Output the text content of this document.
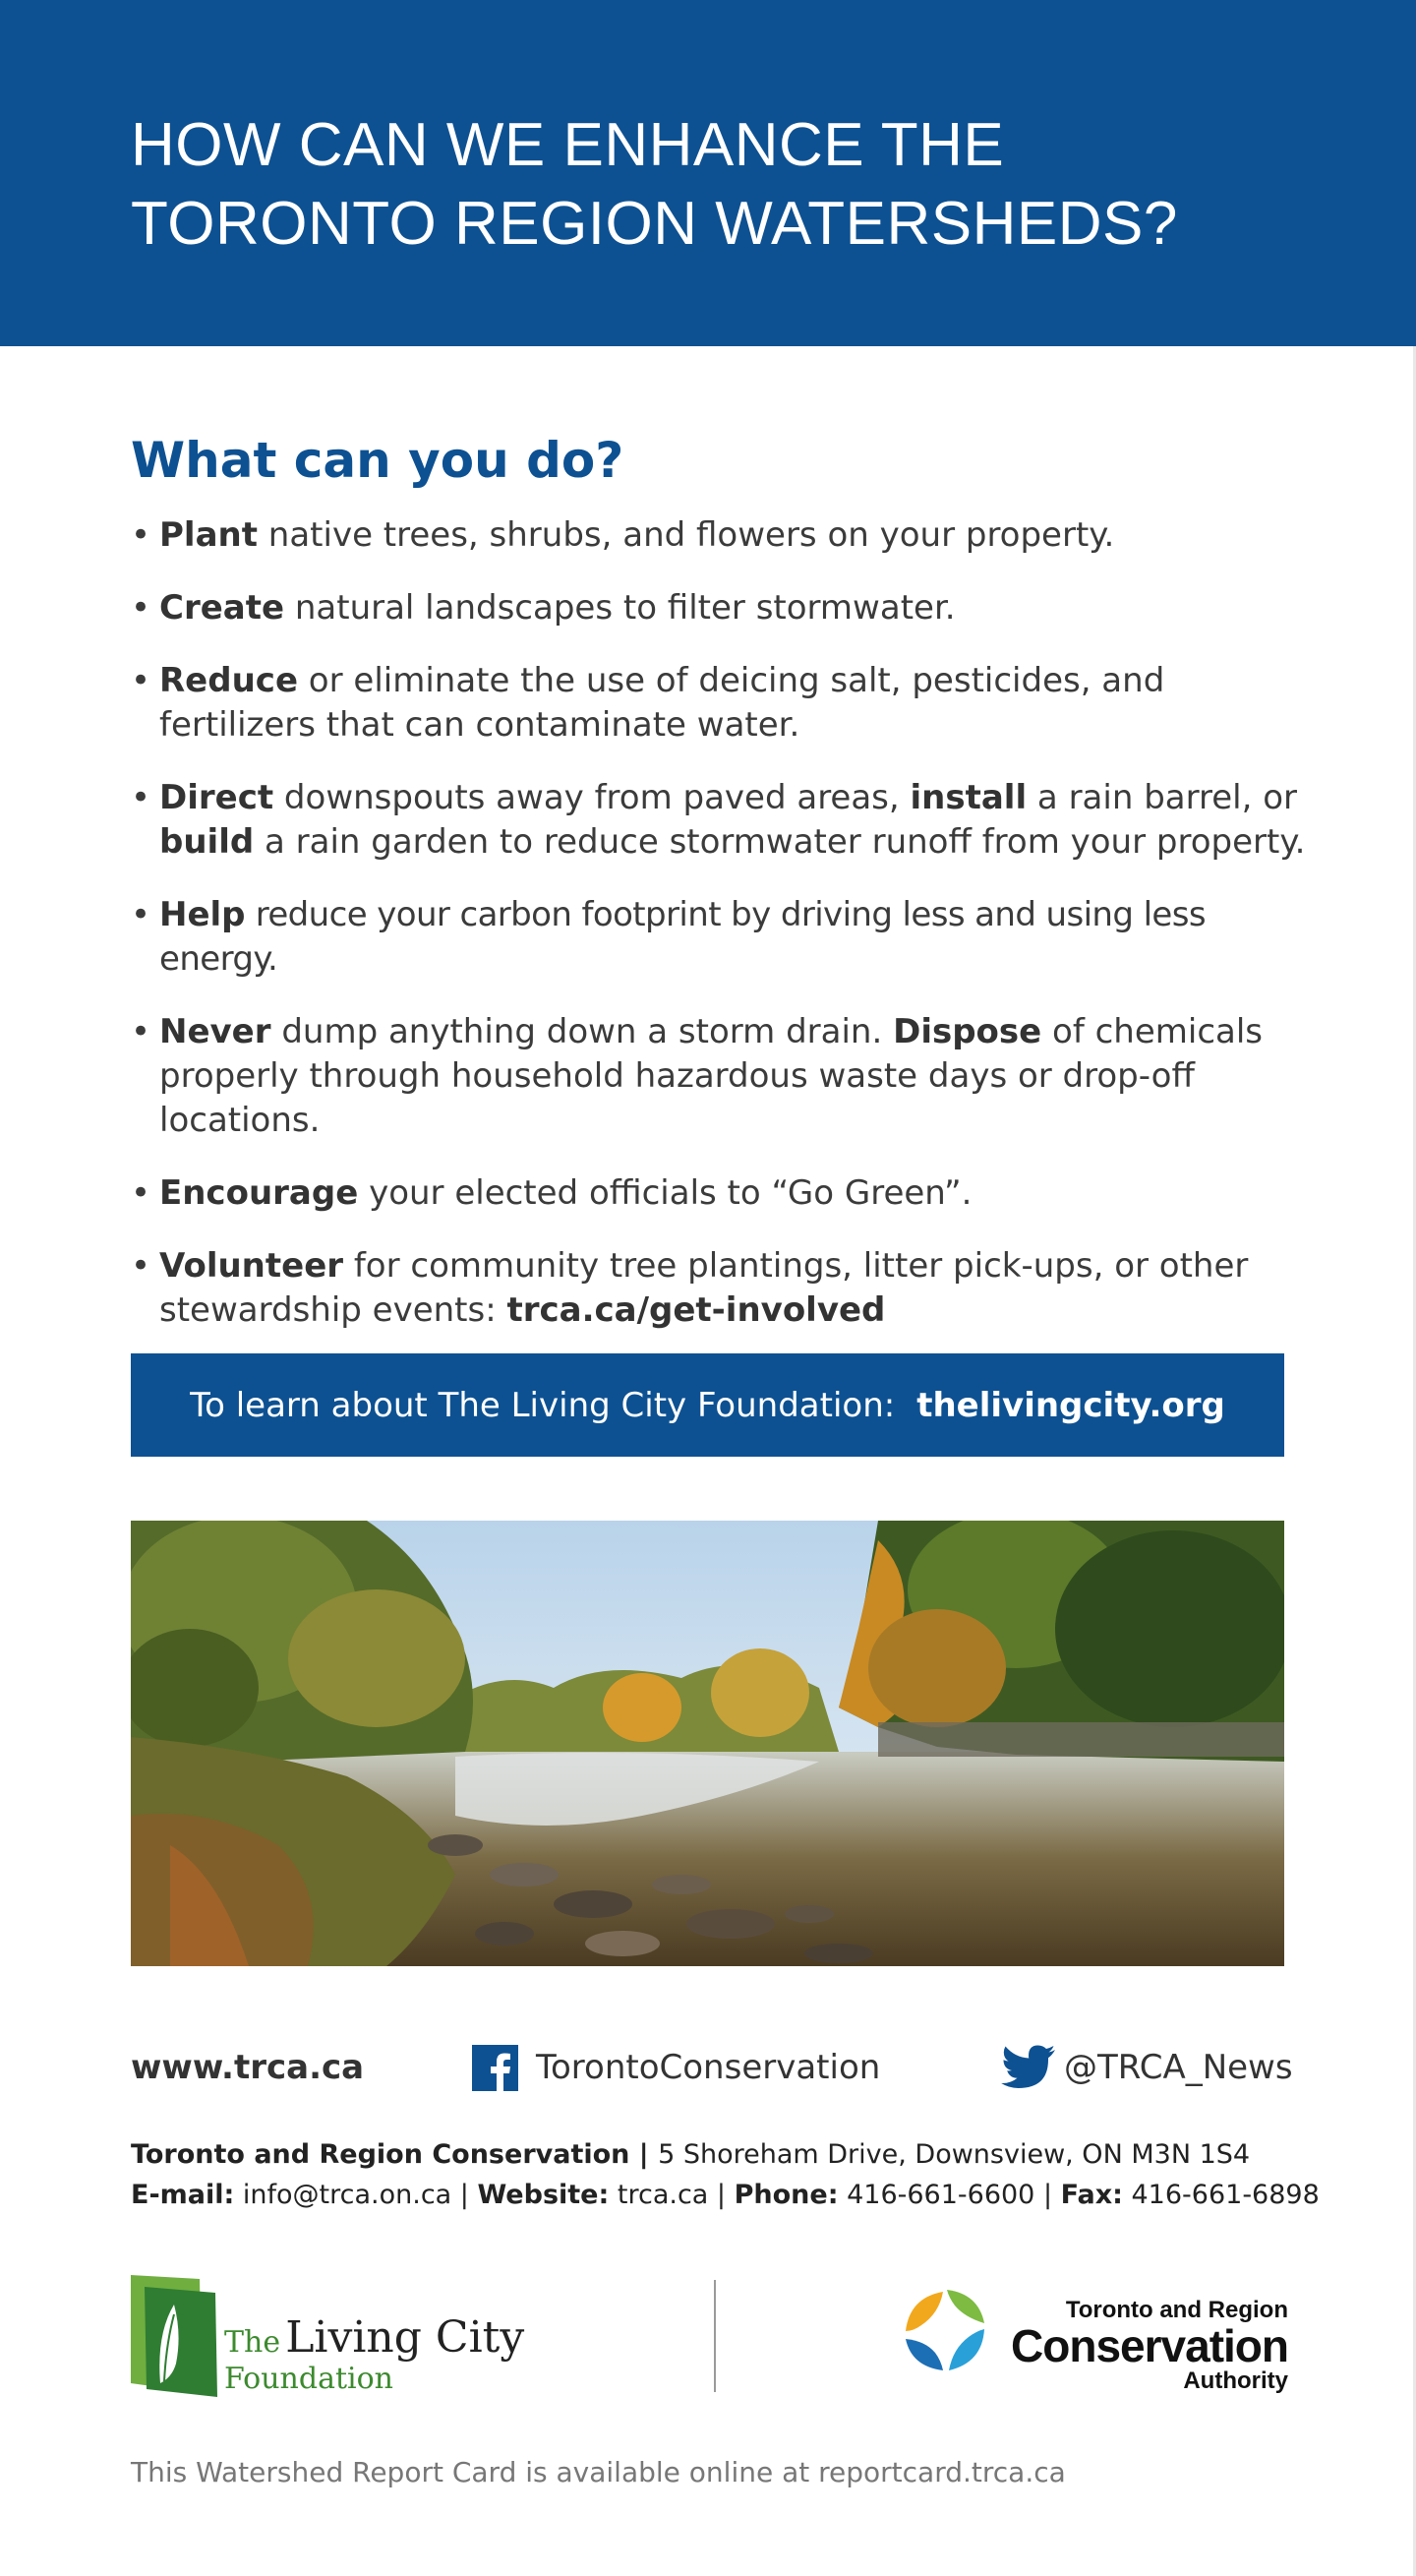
HOW CAN WE ENHANCE THE
TORONTO REGION WATERSHEDS?
What can you do?
• Plant native trees, shrubs, and flowers on your property.
• Create natural landscapes to filter stormwater.
• Reduce or eliminate the use of deicing salt, pesticides, and fertilizers that can contaminate water.
• Direct downspouts away from paved areas, install a rain barrel, or build a rain garden to reduce stormwater runoff from your property.
• Help reduce your carbon footprint by driving less and using less energy.
• Never dump anything down a storm drain. Dispose of chemicals properly through household hazardous waste days or drop-off locations.
• Encourage your elected officials to “Go Green”.
• Volunteer for community tree plantings, litter pick-ups, or other stewardship events: trca.ca/get-involved
To learn about The Living City Foundation: thelivingcity.org
www.trca.ca	TorontoConservation	@TRCA_News
Toronto and Region Conservation | 5 Shoreham Drive, Downsview, ON M3N 1S4
E-mail: info@trca.on.ca | Website: trca.ca | Phone: 416-661-6600 | Fax: 416-661-6898
The Living City
Foundation
Toronto and Region
Conservation
Authority
This Watershed Report Card is available online at reportcard.trca.ca
